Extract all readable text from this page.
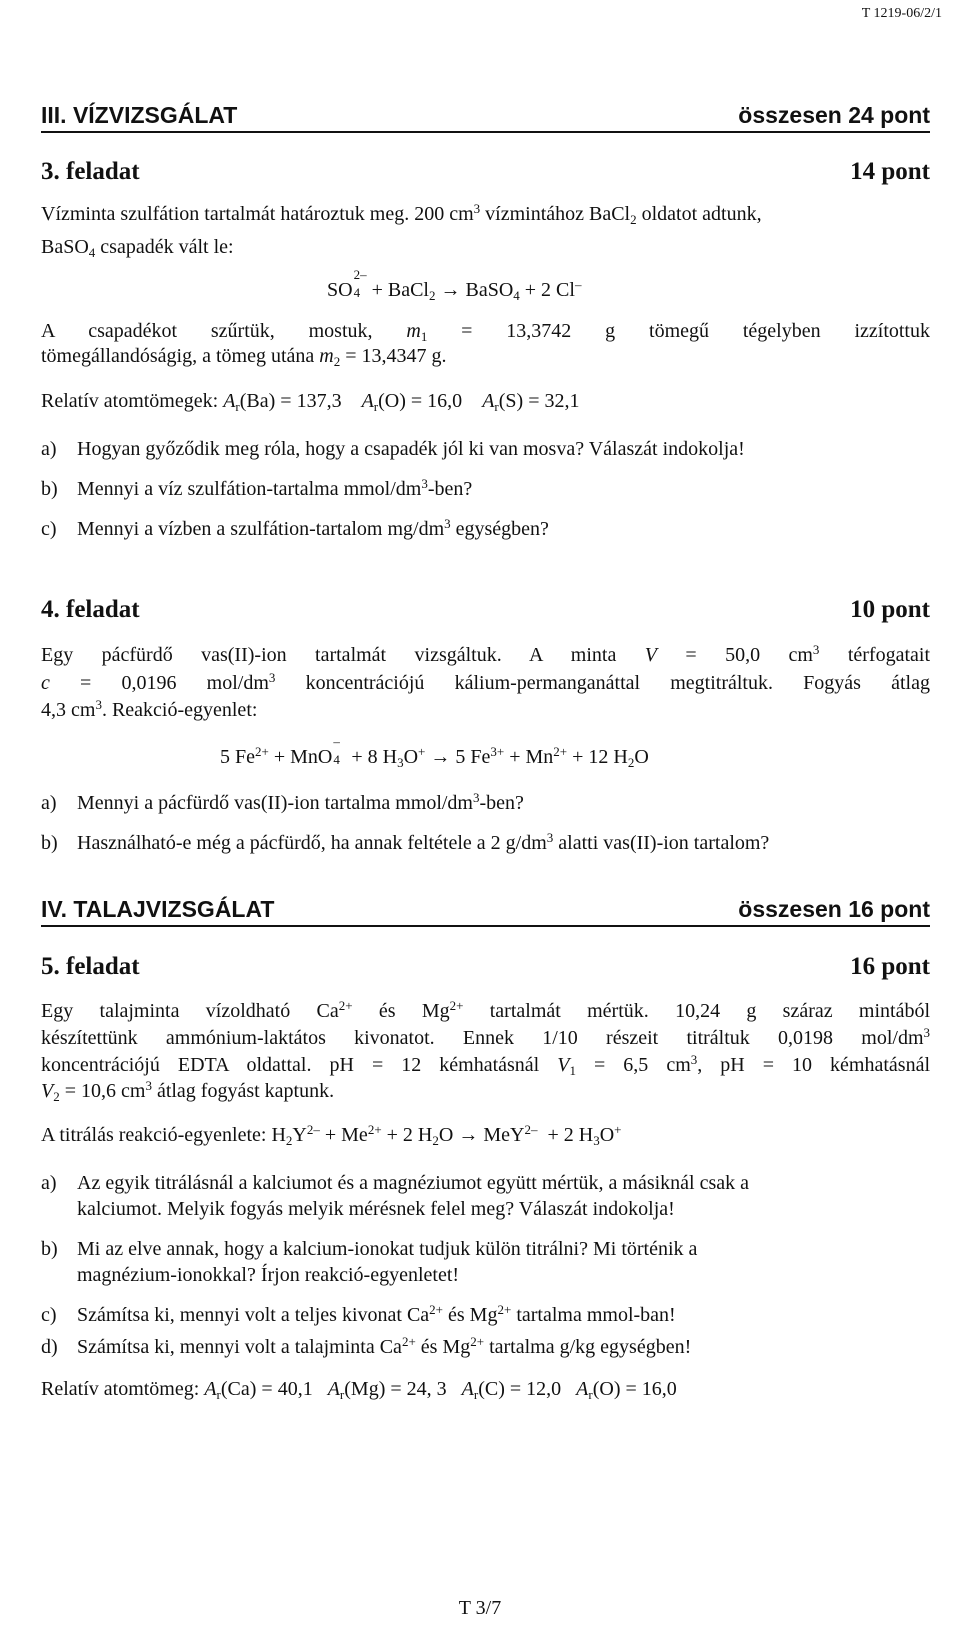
T 1219-06/2/1
III. VÍZVIZSGÁLAT	összesen 24 pont
3. feladat	14 pont
Vízminta szulfátion tartalmát határoztuk meg. 200 $cm^3$ vízmintához BaCl$_2$ oldatot adtunk,
BaSO$_4$ csapadék vált le:
SO
2–
4 + BaCl$_2$ → BaSO$_4$ + 2 Cl–
A csapadékot szűrtük, mostuk, $m_1 = 13,3742$ g tömegű tégelyben izzítottuk
tömegállandóságig, a tömeg utána $m_2 = 13,4347$ g.
Relatív atomtömegek: $A_r(Ba) = 137,3$ $A_r(O) = 16,0$ $A_r(S) = 32,1$
a) Hogyan győződik meg róla, hogy a csapadék jól ki van mosva? Válaszát indokolja!
b) Mennyi a víz szulfátion-tartalma mmol/$dm^3$-ben?
c) Mennyi a vízben a szulfátion-tartalom $mg/dm^3$ egységben?
4. feladat	10 pont
Egy pácfürdő vas(II)-ion tartalmát vizsgáltuk. A minta V = 50,0 $cm^3$ térfogatait
c = 0,0196 mol/$dm^3$ koncentrációjú kálium-permanganáttal megtitráltuk. Fogyás átlag
4,3 $cm^3$. Reakció-egyenlet:
5 $Fe^{2+}$ + MnO
–
4 + 8 $H_3O^+ \to 5$ $Fe^{3+} + Mn^{2+} + 12$ $H_2O$
a) Mennyi a pácfürdő vas(II)-ion tartalma mmol/$dm^3$-ben?
b) Használható-e még a pácfürdő, ha annak feltétele a 2 $g/dm^3$ alatti vas(II)-ion tartalom?
IV. TALAJVIZSGÁLAT	összesen 16 pont
5. feladat	16 pont
Egy talajminta vízoldható $Ca^{2+}$ és $Mg^{2+}$ tartalmát mértük. 10,24 g száraz mintából
készítettünk ammónium-laktátos kivonatot. Ennek 1/10 részeit titráltuk 0,0198 mol/$dm^3$
koncentrációjú EDTA oldattal. pH = 12 kémhatásnál $V_1 = 6,5$ $cm^3$, pH = 10 kémhatásnál
$V_2 = 10,6$ $cm^3$ átlag fogyást kaptunk.
A titrálás reakció-egyenlete: $H_2Y^{2-} + Me^{2+} + 2$ $H_2O \to MeY^{2-} + 2$ $H_3O^+$
a) Az egyik titrálásnál a kalciumot és a magnéziumot együtt mértük, a másiknál csak a
kalciumot. Melyik fogyás melyik mérésnek felel meg? Válaszát indokolja!
b) Mi az elve annak, hogy a kalcium-ionokat tudjuk külön titrálni? Mi történik a
magnézium-ionokkal? Írjon reakció-egyenletet!
c) Számítsa ki, mennyi volt a teljes kivonat $Ca^{2+}$ és $Mg^{2+}$ tartalma mmol-ban!
d) Számítsa ki, mennyi volt a talajminta $Ca^{2+}$ és $Mg^{2+}$ tartalma g/kg egységben!
Relatív atomtömeg: $A_r(Ca) = 40,1$ $A_r(Mg) = 24$, 3 $A_r(C) = 12,0$ $A_r(O) = 16,0$
T 3/7
